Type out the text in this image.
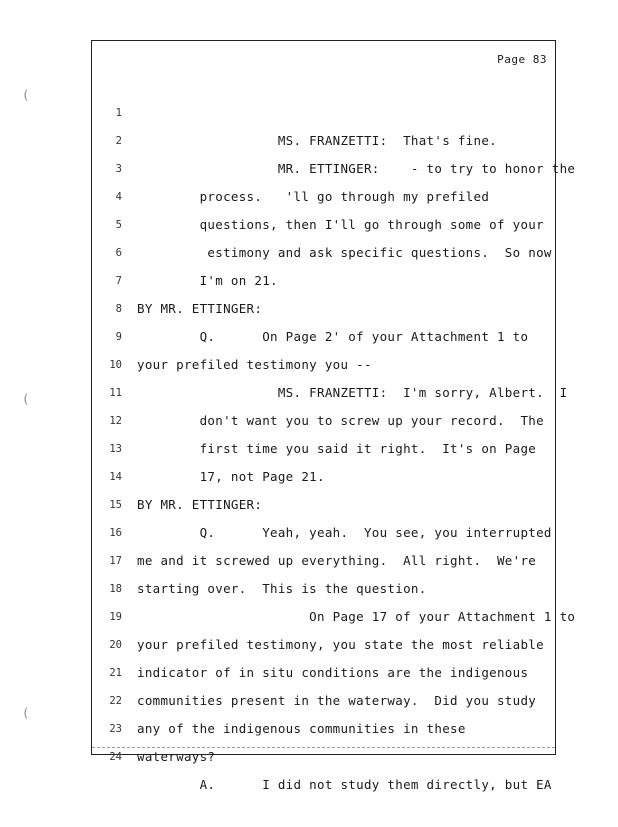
Page 83

1

MS. FRANZETTI:  That's fine.

2

MR. ETTINGER:    - to try to honor the

3

process.   'll go through my prefiled

4

questions, then I'll go through some of your

5

estimony and ask specific questions.  So now

6

I'm on 21.

7

BY MR. ETTINGER:

8

Q.      On Page 2' of your Attachment 1 to

9

your prefiled testimony you --

10

MS. FRANZETTI:  I'm sorry, Albert.  I

11

don't want you to screw up your record.  The

12

first time you said it right.  It's on Page

13

17, not Page 21.

14

BY MR. ETTINGER:

15

Q.      Yeah, yeah.  You see, you interrupted

16

me and it screwed up everything.  All right.  We're

17

starting over.  This is the question.

18

On Page 17 of your Attachment 1 to

19

your prefiled testimony, you state the most reliable

20

indicator of in situ conditions are the indigenous

21

communities present in the waterway.  Did you study

22

any of the indigenous communities in these

23

waterways?

24

A.      I did not study them directly, but EA

(
(
(
